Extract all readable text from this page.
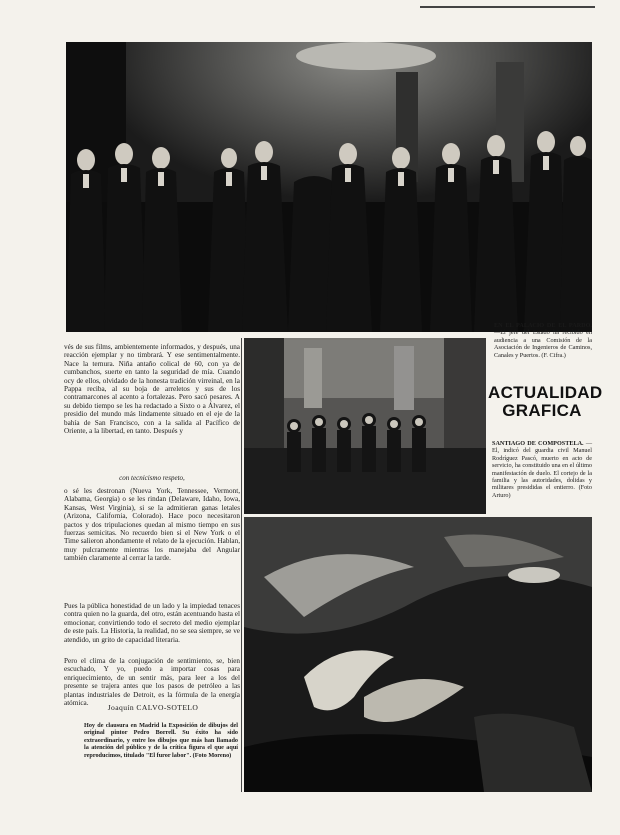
EN EL PALACIO DE EL PARDO. —El jefe del Estado ha recibido en audiencia a una Comisión de la Asociación de Ingenieros de Caminos, Canales y Puertos. (F. Cifra.)
ACTUALIDAD GRAFICA
SANTIAGO DE COMPOSTELA. —El, indicó del guardia civil Manuel Rodríguez Pascó, muerto en acto de servicio, ha constituido una en el último manifestación de duelo. El cortejo de la familia y las autoridades, dolidas y militares presididas el entierro. (Foto Arturo)
vés de sus films, ambientemente informados, y después, una reacción ejemplar y no timbrará. Y ese sentimentalmente. Nace la ternura. Niña antaño colical de 60, con ya de cumbanchos, suerte en tanto la seguridad de mía. Cuando ocy de ellos, olvidado de la honesta tradición virreinal, en la Pappa reciba, al su boja de arreletos y sus de los contramarcones al acento a fortalezas. Pero sacó pesares. A su debido tiempo se les ha redactado a Sixto o a Álvarez, el presidio del mundo más lindamente situado en el eje de la bahía de San Francisco, con a la salida al Pacífico de Oriente, a la libertad, en tanto. Después y
con tecnicismo respeto,
o sé les destronan (Nueva York, Tennessee, Vermont, Alabama, Georgia) o se les rindan (Delaware, Idaho, Iowa, Kansas, West Virginia), si se la admitieran ganas letales (Arizona, California, Colorado). Hace poco necesitaron pactos y dos tripulaciones quedan al mismo tiempo en sus fuerzas semicitas. No recuerdo bien si el New York o el Time salieron ahondamente el relato de la ejecución. Hablan, muy pulcramente mientras los manejaba del Angular también claramente al cerrar la tarde.
Pues la pública honestidad de un lado y la impiedad tenaces contra quien no la guarda, del otro, están acentuando hasta el emocionar, convirtiendo todo el secreto del medio ejemplar de este país. La Historia, la realidad, no se sea siempre, se ve atendido, un grito de capacidad literaria.
Pero el clima de la conjugación de sentimiento, se, bien escuchado, Y yo, puedo a importar cosas para enriquecimiento, de un sentir más, para leer a los del presente se trajera antes que los pasos de petróleo a las plantas industriales de Detroit, es la fórmula de la energía atómica.	Joaquín CALVO-SOTELO
Hoy de clausura en Madrid la Exposición de dibujos del original pintor Pedro Borrell. Su éxito ha sido extraordinario, y entre los dibujos que más han llamado la atención del público y de la crítica figura el que aquí reproducimos, titulado "El furor labor". (Foto Moreno)
